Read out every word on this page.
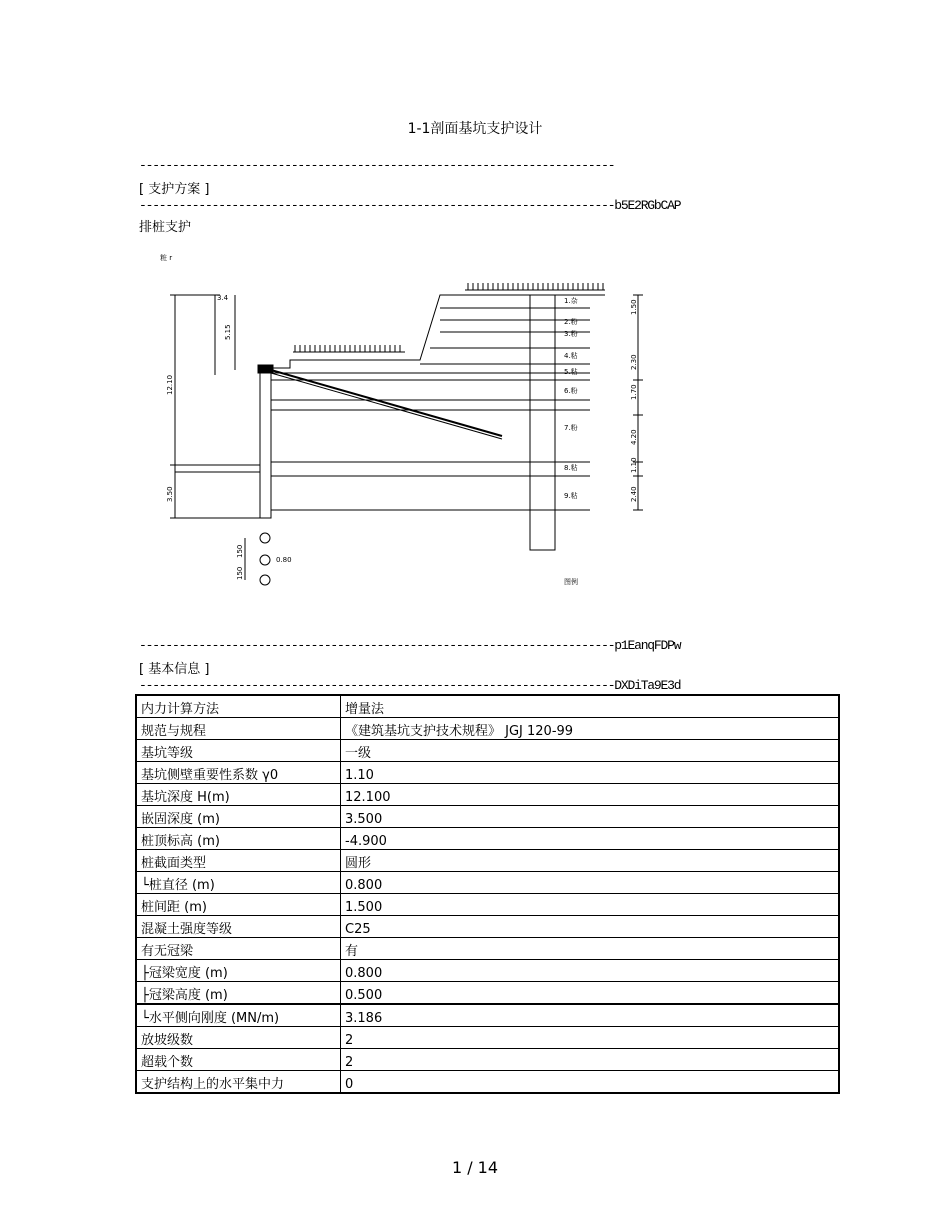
1-1剖面基坑支护设计
------------------------------------------------------------------------
[ 支护方案 ]
------------------------------------------------------------------------b5E2RGbCAP
排桩支护
粧 r
3.4
5.15
12.10
3.50
150
150
0.80
1.杂
2.粉
3.粉
4.粘
5.粘
6.粉
7.粉
8.粘
9.粘
图例
1.50
2.30
1.70
4.20
1.10
2.40
------------------------------------------------------------------------p1EanqFDPw
[ 基本信息 ]
------------------------------------------------------------------------DXDiTa9E3d
内力计算方法	增量法
规范与规程	《建筑基坑支护技术规程》 JGJ 120-99
基坑等级	一级
基坑侧壁重要性系数 γ0	1.10
基坑深度 H(m)	12.100
嵌固深度 (m)	3.500
桩顶标高 (m)	-4.900
桩截面类型	圆形
└桩直径 (m)	0.800
桩间距 (m)	1.500
混凝土强度等级	C25
有无冠梁	有
├冠梁宽度 (m)	0.800
├冠梁高度 (m)	0.500
└水平侧向刚度 (MN/m)	3.186
放坡级数	2
超载个数	2
支护结构上的水平集中力	0
1 / 14
